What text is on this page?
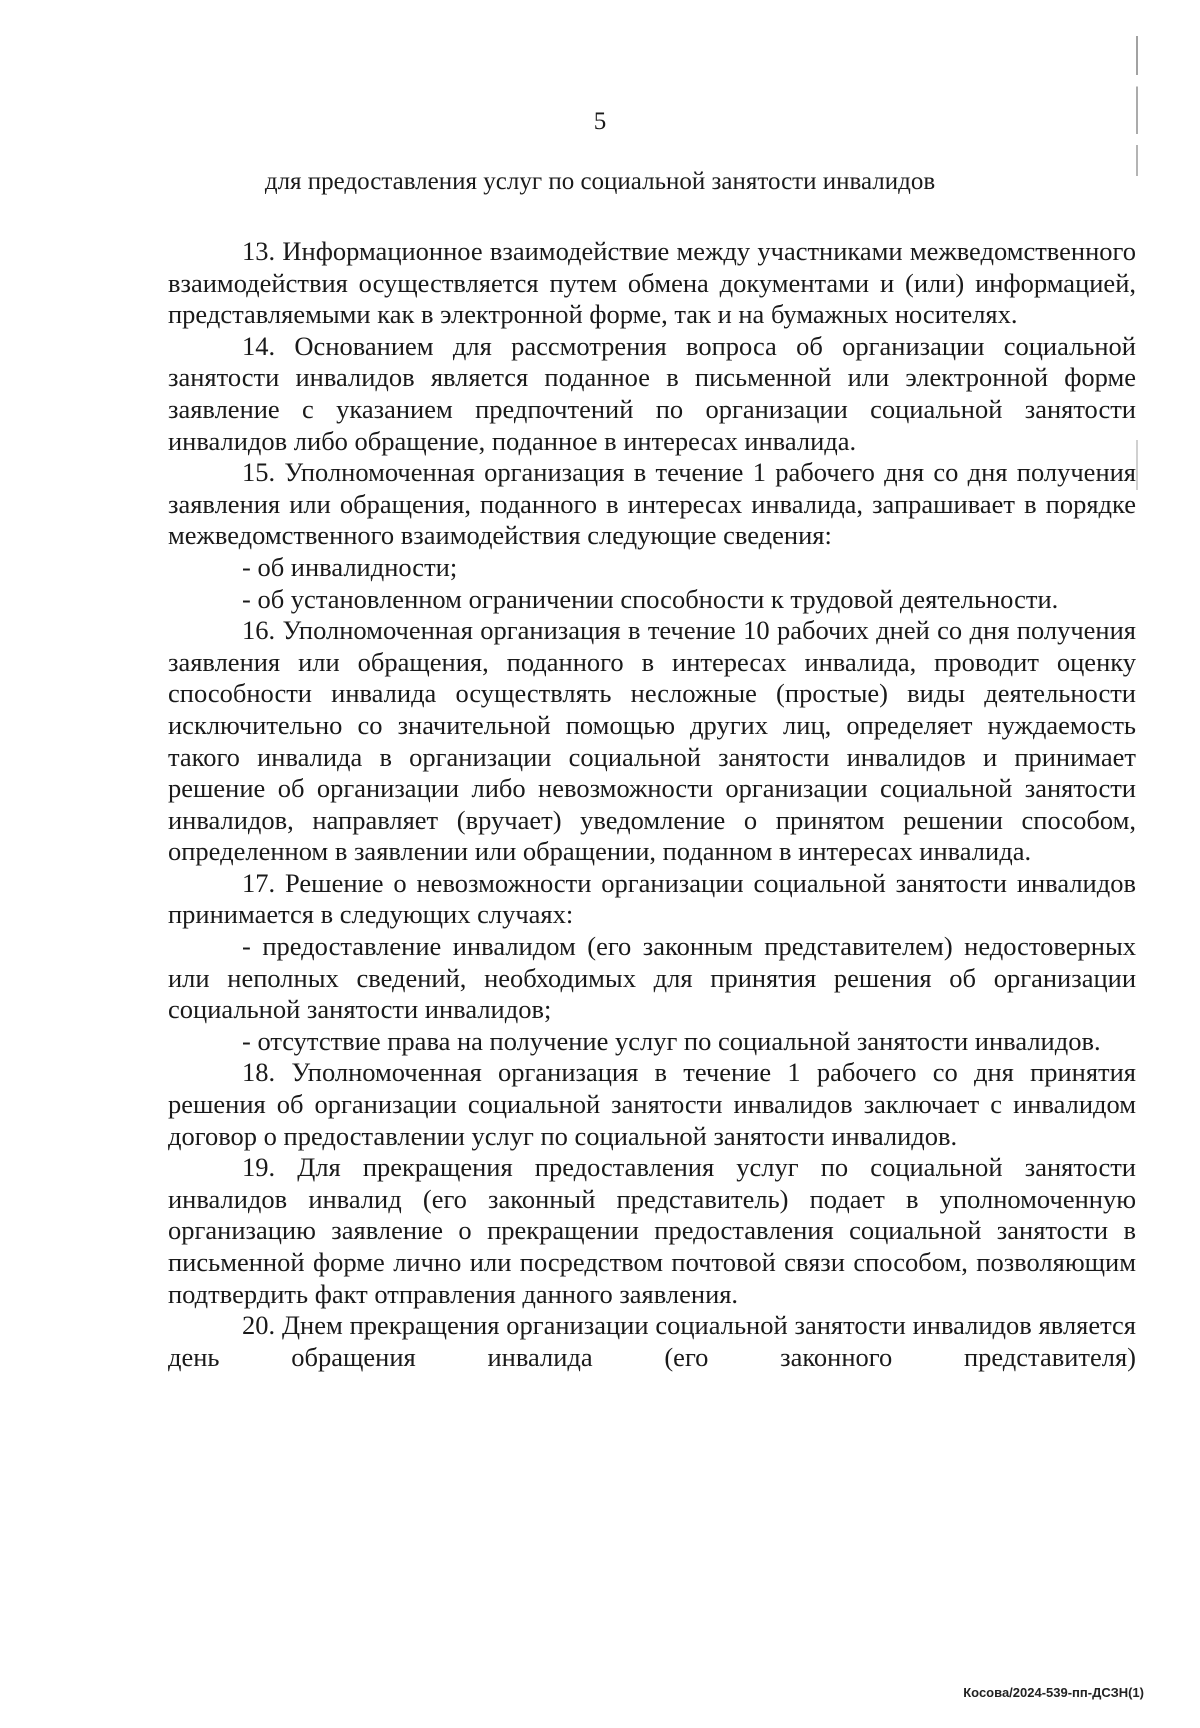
5
для предоставления услуг по социальной занятости инвалидов

13. Информационное взаимодействие между участниками межведомственного взаимодействия осуществляется путем обмена документами и (или) информацией, представляемыми как в электронной форме, так и на бумажных носителях.

14. Основанием для рассмотрения вопроса об организации социальной занятости инвалидов является поданное в письменной или электронной форме заявление с указанием предпочтений по организации социальной занятости инвалидов либо обращение, поданное в интересах инвалида.

15. Уполномоченная организация в течение 1 рабочего дня со дня получения заявления или обращения, поданного в интересах инвалида, запрашивает в порядке межведомственного взаимодействия следующие сведения:

- об инвалидности;

- об установленном ограничении способности к трудовой деятельности.

16. Уполномоченная организация в течение 10 рабочих дней со дня получения заявления или обращения, поданного в интересах инвалида, проводит оценку способности инвалида осуществлять несложные (простые) виды деятельности исключительно со значительной помощью других лиц, определяет нуждаемость такого инвалида в организации социальной занятости инвалидов и принимает решение об организации либо невозможности организации социальной занятости инвалидов, направляет (вручает) уведомление о принятом решении способом, определенном в заявлении или обращении, поданном в интересах инвалида.

17. Решение о невозможности организации социальной занятости инвалидов принимается в следующих случаях:

- предоставление инвалидом (его законным представителем) недостоверных или неполных сведений, необходимых для принятия решения об организации социальной занятости инвалидов;

- отсутствие права на получение услуг по социальной занятости инвалидов.

18. Уполномоченная организация в течение 1 рабочего со дня принятия решения об организации социальной занятости инвалидов заключает с инвалидом договор о предоставлении услуг по социальной занятости инвалидов.

19. Для прекращения предоставления услуг по социальной занятости инвалидов инвалид (его законный представитель) подает в уполномоченную организацию заявление о прекращении предоставления социальной занятости в письменной форме лично или посредством почтовой связи способом, позволяющим подтвердить факт отправления данного заявления.

20. Днем прекращения организации социальной занятости инвалидов является день обращения инвалида (его законного представителя)

Косова/2024-539-пп-ДСЗН(1)
